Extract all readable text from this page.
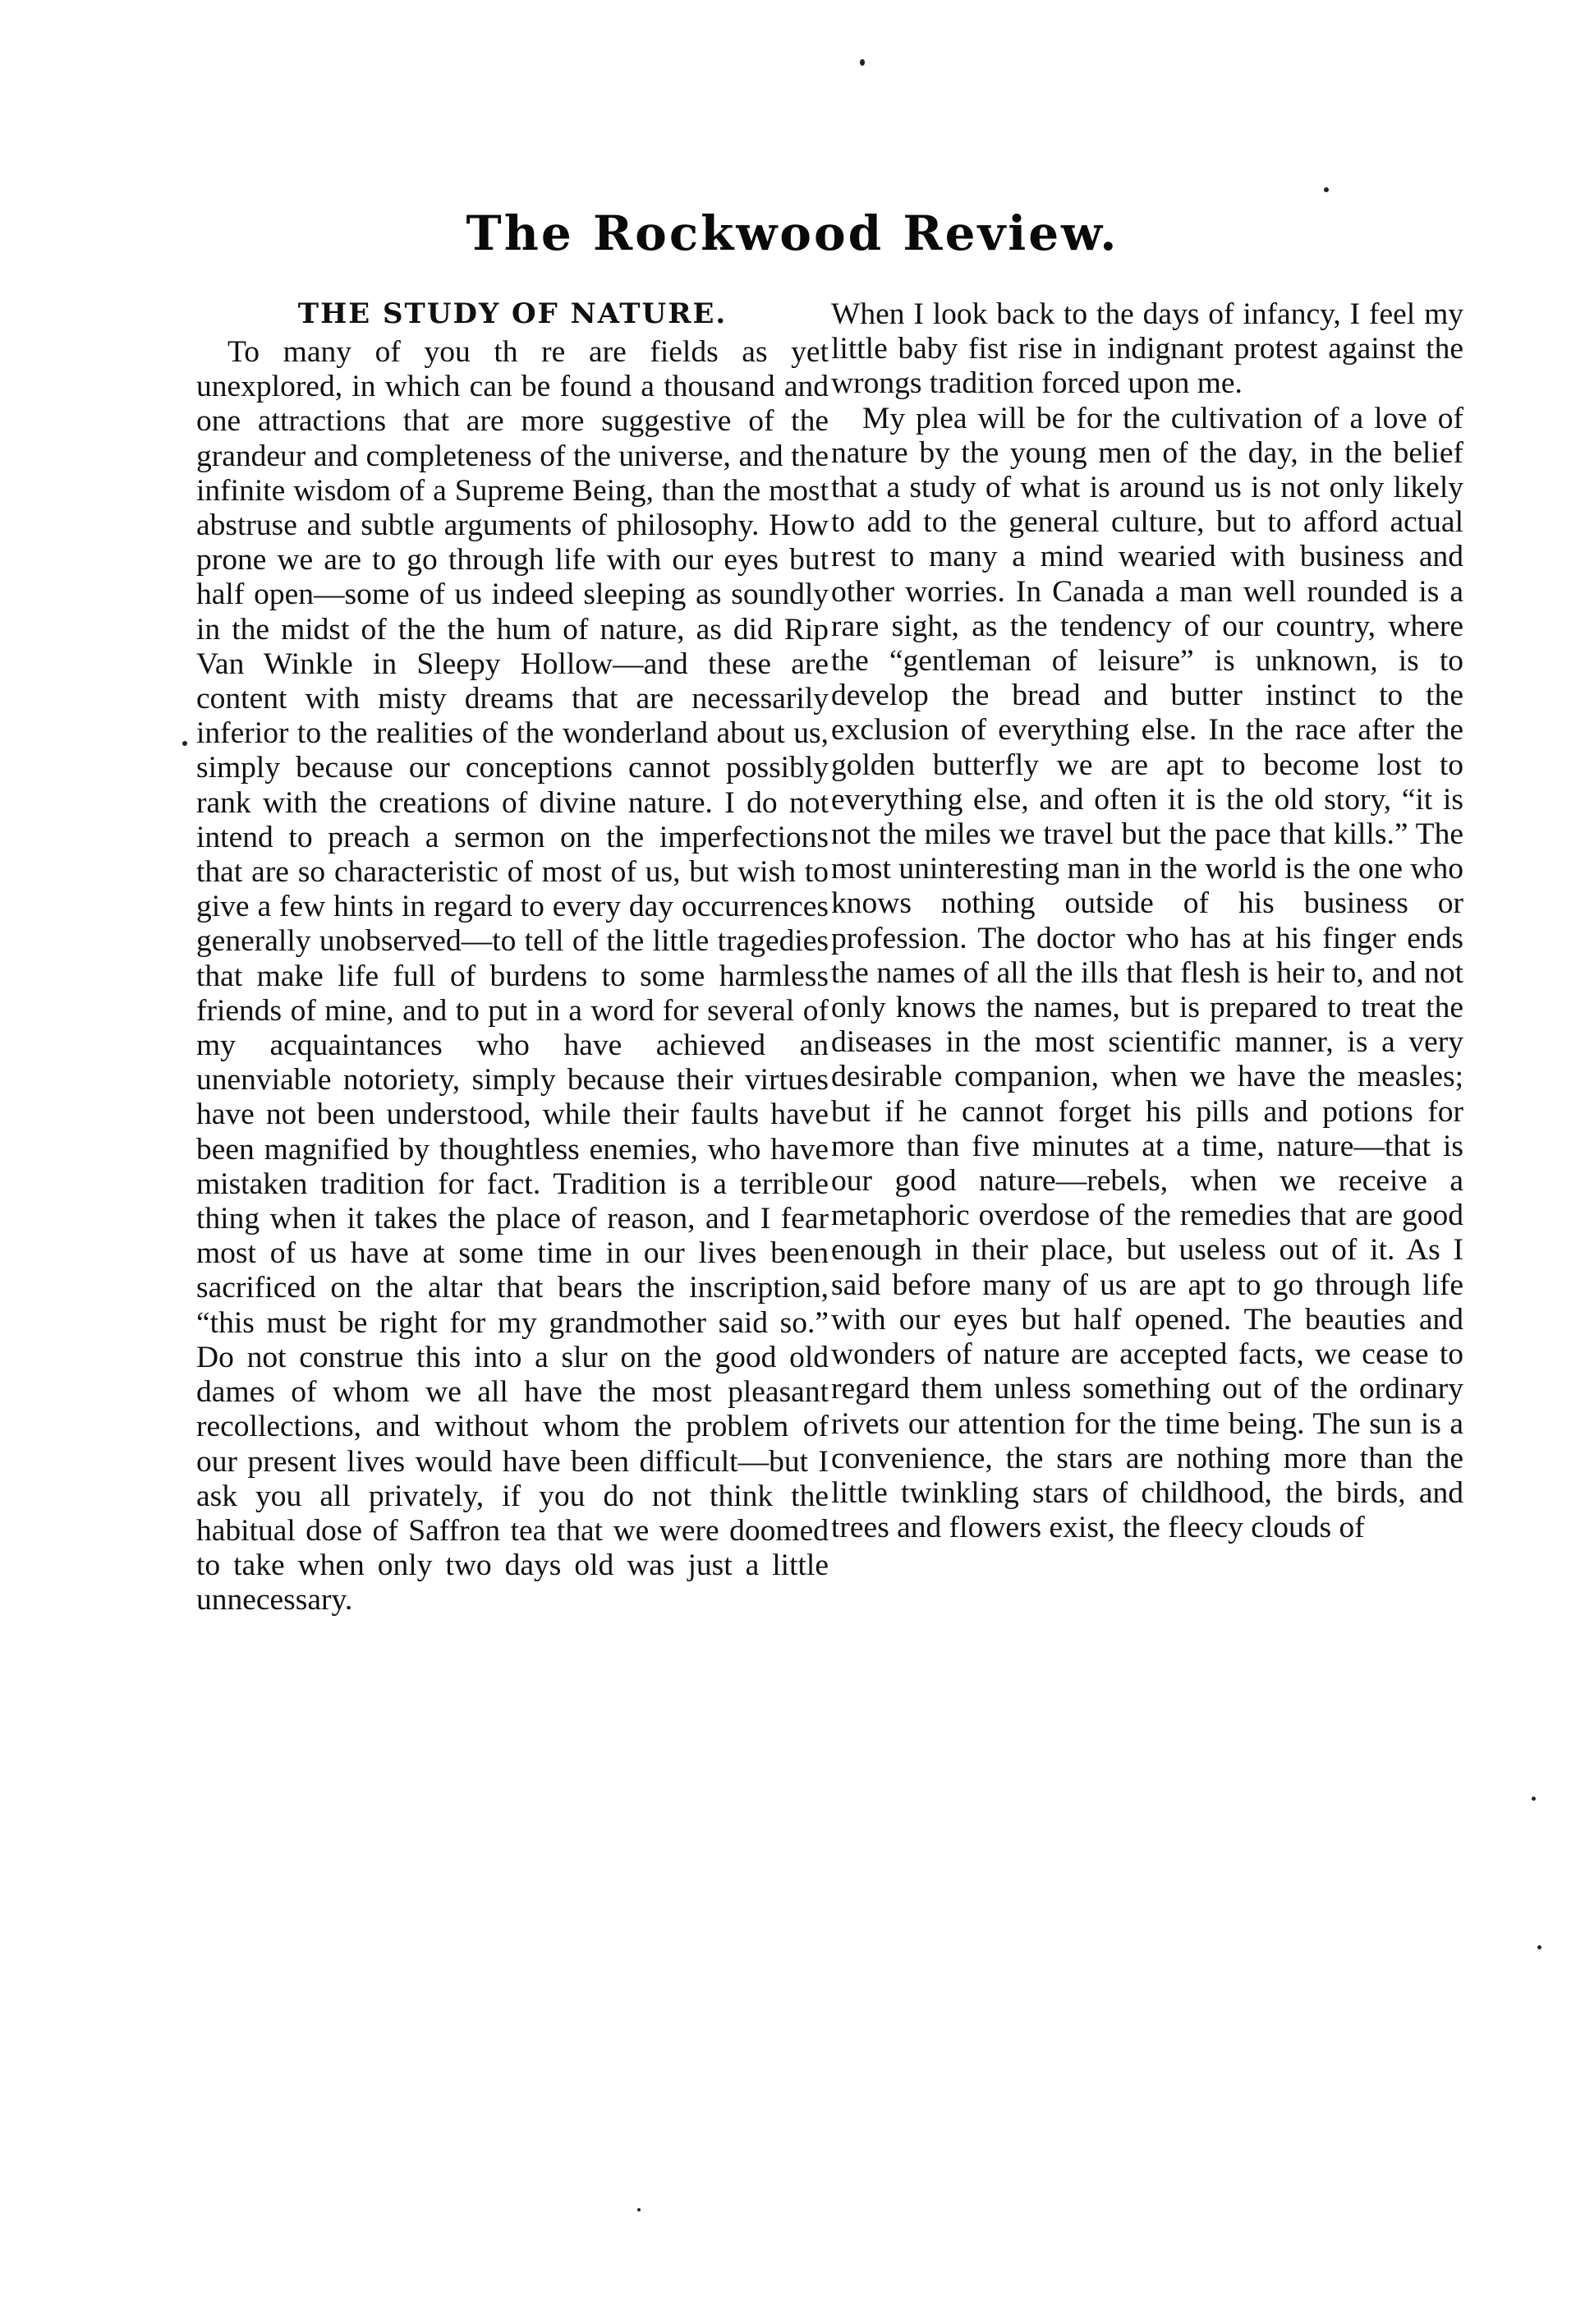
The Rockwood Review.
THE STUDY OF NATURE.

To many of you th re are fields as yet unexplored, in which can be found a thousand and one attractions that are more suggestive of the grandeur and completeness of the universe, and the infinite wisdom of a Supreme Being, than the most abstruse and subtle arguments of philosophy. How prone we are to go through life with our eyes but half open—some of us indeed sleeping as soundly in the midst of the the hum of nature, as did Rip Van Winkle in Sleepy Hollow—and these are content with misty dreams that are necessarily inferior to the realities of the wonderland about us, simply because our conceptions cannot possibly rank with the creations of divine nature. I do not intend to preach a sermon on the imperfections that are so characteristic of most of us, but wish to give a few hints in regard to every day occurrences generally unobserved—to tell of the little tragedies that make life full of burdens to some harmless friends of mine, and to put in a word for several of my acquaintances who have achieved an unenviable notoriety, simply because their virtues have not been understood, while their faults have been magnified by thoughtless enemies, who have mistaken tradition for fact. Tradition is a terrible thing when it takes the place of reason, and I fear most of us have at some time in our lives been sacrificed on the altar that bears the inscription, “this must be right for my grandmother said so.” Do not construe this into a slur on the good old dames of whom we all have the most pleasant recollections, and without whom the problem of our present lives would have been difficult—but I ask you all privately, if you do not think the habitual dose of Saffron tea that we were doomed to take when only two days old was just a little unnecessary.

When I look back to the days of infancy, I feel my little baby fist rise in indignant protest against the wrongs tradition forced upon me.

My plea will be for the cultivation of a love of nature by the young men of the day, in the belief that a study of what is around us is not only likely to add to the general culture, but to afford actual rest to many a mind wearied with business and other worries. In Canada a man well rounded is a rare sight, as the tendency of our country, where the “gentleman of leisure” is unknown, is to develop the bread and butter instinct to the exclusion of everything else. In the race after the golden butterfly we are apt to become lost to everything else, and often it is the old story, “it is not the miles we travel but the pace that kills.” The most uninteresting man in the world is the one who knows nothing outside of his business or profession. The doctor who has at his finger ends the names of all the ills that flesh is heir to, and not only knows the names, but is prepared to treat the diseases in the most scientific manner, is a very desirable companion, when we have the measles; but if he cannot forget his pills and potions for more than five minutes at a time, nature—that is our good nature—rebels, when we receive a metaphoric overdose of the remedies that are good enough in their place, but useless out of it. As I said before many of us are apt to go through life with our eyes but half opened. The beauties and wonders of nature are accepted facts, we cease to regard them unless something out of the ordinary rivets our attention for the time being. The sun is a convenience, the stars are nothing more than the little twinkling stars of childhood, the birds, and trees and flowers exist, the fleecy clouds of
